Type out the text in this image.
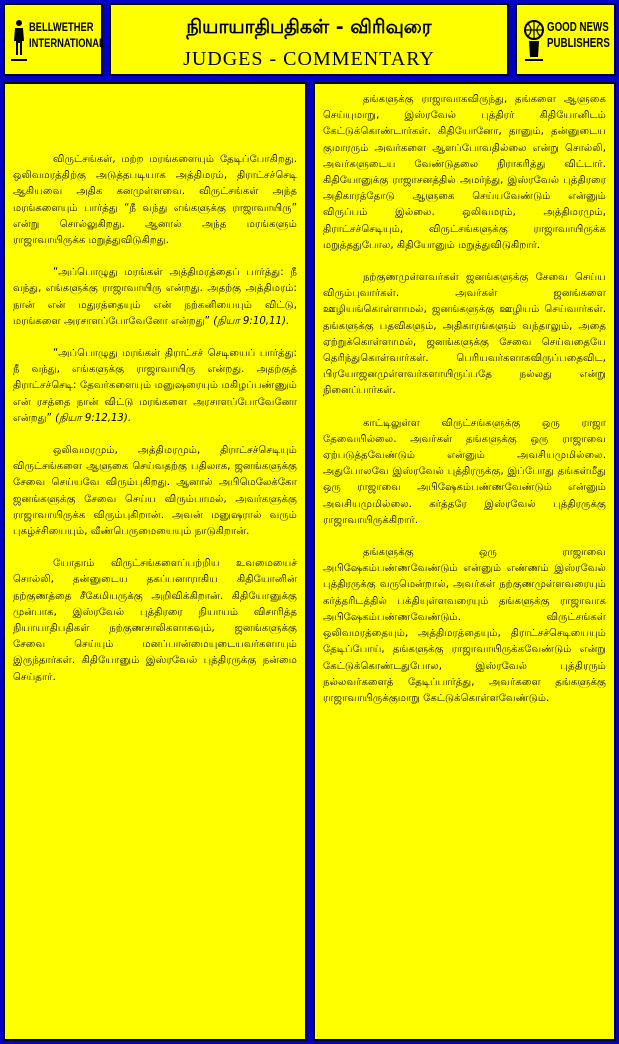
BELLWETHER
INTERNATIONAL
நியாயாதிபதிகள் - விரிவுரை
JUDGES - COMMENTARY
GOOD NEWS
PUBLISHERS

விருட்சங்கள், மற்ற மரங்களையும் தேடிப்போகிறது. ஒலிவமரத்திற்கு அடுத்தபடியாக அத்திமரம், திராட்சச்செடி ஆகியவை அதிக கனமுள்ளவை. விருட்சங்கள் அந்த மரங்களையும் பார்த்து “நீ வந்து எங்களுக்கு ராஜாவாயிரு” என்று சொல்லுகிறது. ஆனால் அந்த மரங்களும் ராஜாவாயிருக்க மறுத்துவிடுகிறது.

“அப்பொழுது மரங்கள் அத்திமரத்தைப் பார்த்து: நீ வந்து, எங்களுக்கு ராஜாவாயிரு என்றது. அதற்கு அத்திமரம்: நான் என் மதுரத்தையும் என் நற்கனியையும் விட்டு, மரங்களை அரசாளப்போவேனோ என்றது” (நியா 9:10,11).

“அப்பொழுது மரங்கள் திராட்சச் செடியைப் பார்த்து: நீ வந்து, எங்களுக்கு ராஜாவாயிரு என்றது. அதற்குத் திராட்சச்செடி: தேவர்களையும் மனுஷரையும் மகிழப்பண்ணும் என் ரசத்தை நான் விட்டு மரங்களை அரசாளப்போவேனோ என்றது” (நியா 9:12,13).

ஒலிவமரமும், அத்திமரமும், திராட்சச்செடியும் விருட்சங்களை ஆளுகை செய்வதற்கு பதிலாக, ஜனங்களுக்கு சேவை செய்யவே விரும்புகிறது. ஆனால் அபிமெலேக்கோ ஜனங்களுக்கு சேவை செய்ய விரும்பாமல், அவர்களுக்கு ராஜாவாயிருக்க விரும்புகிறான். அவன் மனுஷரால் வரும் புகழ்ச்சியையும், வீண்பெருமையையும் நாடுகிறான்.

யோதாம் விருட்சங்களைப்பற்றிய உவமையைச் சொல்லி, தன்னுடைய தகப்பனாராகிய கிதியோனின் நற்குணத்தை சீகேமியருக்கு அறிவிக்கிறான். கிதியோனுக்கு முன்பாக, இஸ்ரவேல் புத்திரரை நியாயம் விசாரித்த நியாயாதிபதிகள் நற்குணசாலிகளாகவும், ஜனங்களுக்கு சேவை செய்யும் மனப்பான்மையுடையவர்களாயும் இருந்தார்கள். கிதியோனும் இஸ்ரவேல் புத்திரருக்கு நன்மை செய்தார்.

தங்களுக்கு ராஜாவாகவிருந்து, தங்களை ஆளுகை செய்யுமாறு, இஸ்ரவேல் புத்திரர் கிதியோனிடம் கேட்டுக்கொண்டார்கள். கிதியோனோ, தானும், தன்னுடைய குமாரரும் அவர்களை ஆளப்போவதில்லை என்று சொல்லி, அவர்களுடைய வேண்டுதலை நிராகரித்து விட்டார். கிதியோனுக்கு ராஜாசனத்தில் அமர்ந்து, இஸ்ரவேல் புத்திரரை அதிகாரத்தோடு ஆளுகை செய்யவேண்டும் என்னும் விருப்பம் இல்லை. ஒலிவமரம், அத்திமரமும், திராட்சச்செடியும், விருட்சங்களுக்கு ராஜாவாயிருக்க மறுத்ததுபோல, கிதியோனும் மறுத்துவிடுகிறார்.

நற்குணமுள்ளவர்கள் ஜனங்களுக்கு சேவை செய்ய விரும்புவார்கள். அவர்கள் ஜனங்களை ஊழியங்கொள்ளாமல், ஜனங்களுக்கு ஊழியம் செய்வார்கள். தங்களுக்கு பதவிகளும், அதிகாரங்களும் வந்தாலும், அதை ஏற்றுக்கொள்ளாமல், ஜனங்களுக்கு சேவை செய்வதையே தெரிந்துகொள்வார்கள். பெரியவர்களாகவிருப்பதைவிட, பிரயோஜனமுள்ளவர்களாயிருப்பதே நல்லது என்று நினைப்பார்கள்.

காட்டிலுள்ள விருட்சங்களுக்கு ஒரு ராஜா தேவையில்லை. அவர்கள் தங்களுக்கு ஒரு ராஜாவை ஏற்படுத்தவேண்டும் என்னும் அவசியமுமில்லை. அதுபோலவே இஸ்ரவேல் புத்திரருக்கு, இப்போது தங்கள்மீது ஒரு ராஜாவை அபிஷேகம்பண்ணவேண்டும் என்னும் அவசியமுமில்லை. கர்த்தரே இஸ்ரவேல் புத்திரருக்கு ராஜாவாயிருக்கிறார்.

தங்களுக்கு ஒரு ராஜாவை அபிஷேகம்பண்ணவேண்டும் என்னும் எண்ணம் இஸ்ரவேல் புத்திரருக்கு வருமென்றால், அவர்கள் நற்குணமுள்ளவரையும் கர்த்தரிடத்தில் பக்தியுள்ளவரையும் தங்களுக்கு ராஜாவாக அபிஷேகம்பண்ணவேண்டும். விருட்சங்கள் ஒலிவமரத்தையும், அத்திமரத்தையும், திராட்சச்செடியையும் தேடிப்போய், தங்களுக்கு ராஜாவாயிருக்கவேண்டும் என்று கேட்டுக்கொண்டதுபோல, இஸ்ரவேல் புத்திரரும் நல்லவர்களைத் தேடிப்பார்த்து, அவர்களை தங்களுக்கு ராஜாவாயிருக்குமாறு கேட்டுக்கொள்ளவேண்டும்.
